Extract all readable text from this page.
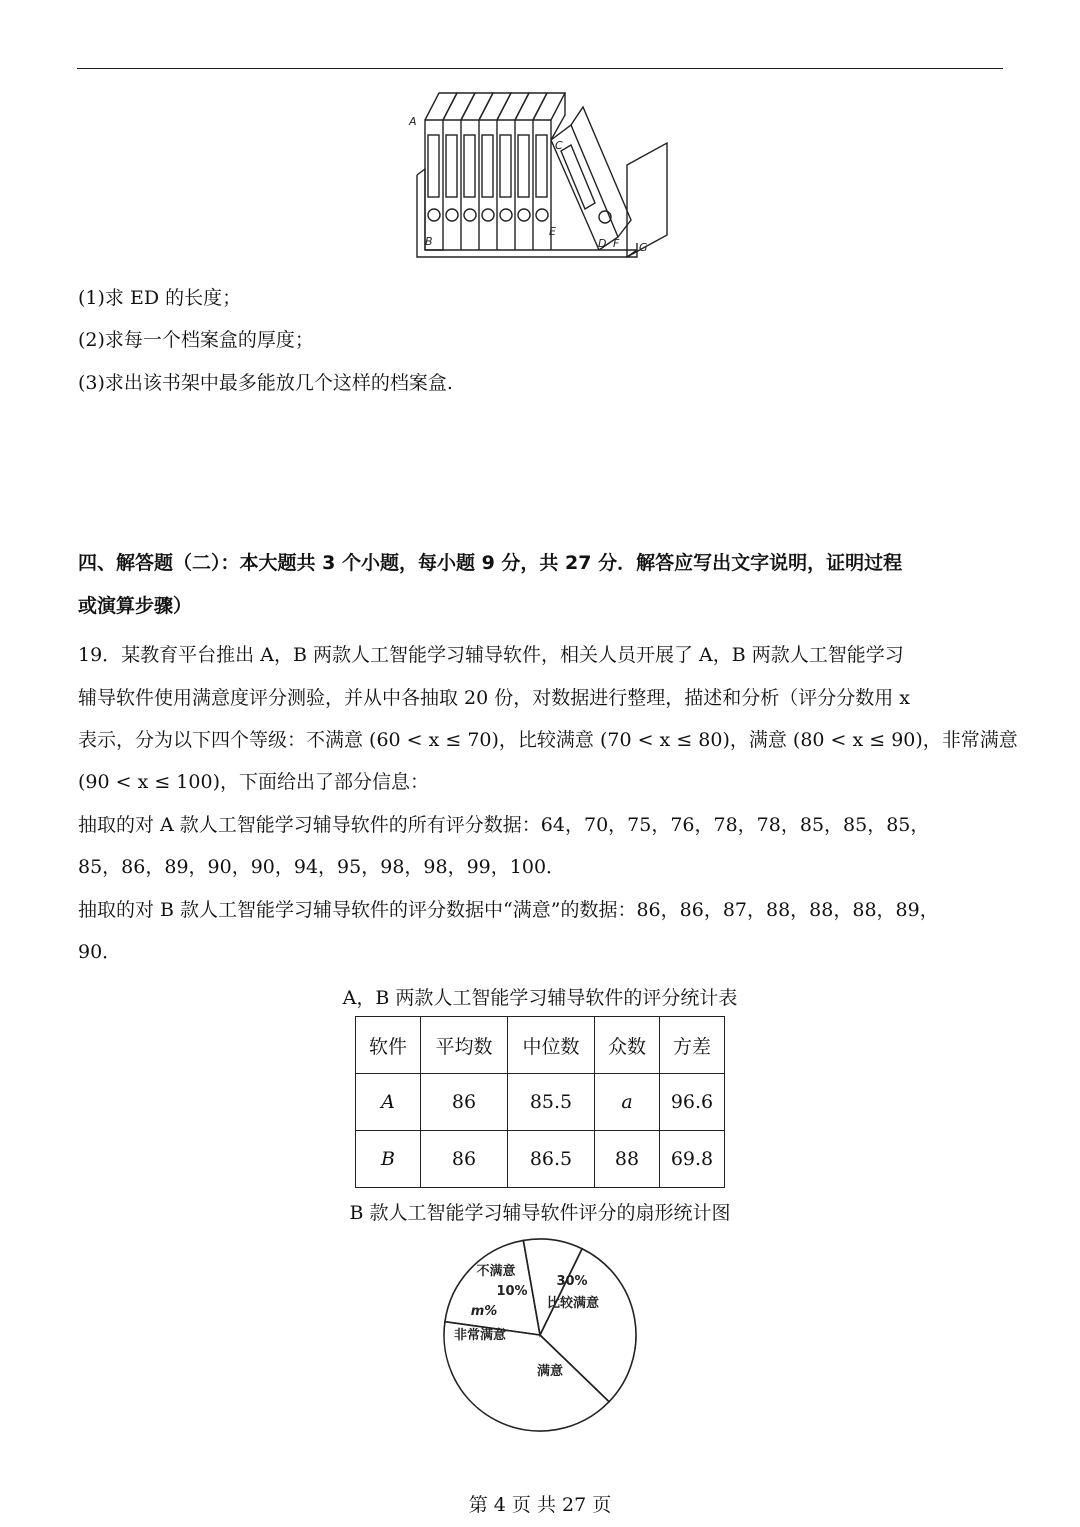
A
B
C
D
E
F G
(1)求 ED 的长度；
(2)求每一个档案盒的厚度；
(3)求出该书架中最多能放几个这样的档案盒.
四、解答题（二）：本大题共 3 个小题，每小题 9 分，共 27 分．解答应写出文字说明，证明过程
或演算步骤）
19．某教育平台推出 A，B 两款人工智能学习辅导软件，相关人员开展了 A，B 两款人工智能学习
辅导软件使用满意度评分测验，并从中各抽取 20 份，对数据进行整理，描述和分析（评分分数用 x
表示，分为以下四个等级：不满意 (60 < x ≤ 70)，比较满意 (70 < x ≤ 80)，满意 (80 < x ≤ 90)，非常满意
(90 < x ≤ 100)，下面给出了部分信息：
抽取的对 A 款人工智能学习辅导软件的所有评分数据：64，70，75，76，78，78，85，85，85，
85，86，89，90，90，94，95，98，98，99，100．
抽取的对 B 款人工智能学习辅导软件的评分数据中“满意”的数据：86，86，87，88，88，88，89，
90．
A，B 两款人工智能学习辅导软件的评分统计表
软件	平均数	中位数	众数	方差
A	86	85.5	a	96.6
B	86	86.5	88	69.8
B 款人工智能学习辅导软件评分的扇形统计图
不满意
10%
30%
比较满意
满意
m%
非常满意
第 4 页 共 27 页
